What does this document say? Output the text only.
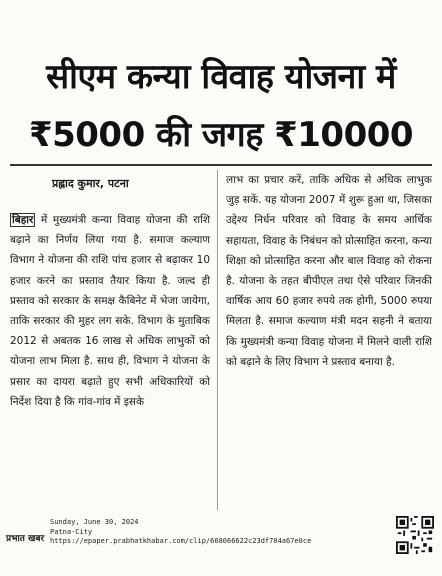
सीएम कन्या विवाह योजना में
₹5000 की जगह ₹10000
प्रह्लाद कुमार, पटना

बिहार में मुख्यमंत्री कन्या विवाह योजना की राशि बढ़ाने का निर्णय लिया गया है. समाज कल्याण विभाग ने योजना की राशि पांच हजार से बढ़ाकर 10 हजार करने का प्रस्ताव तैयार किया है. जल्द ही प्रस्ताव को सरकार के समक्ष कैबिनेट में भेजा जायेगा, ताकि सरकार की मुहर लग सके. विभाग के मुताबिक 2012 से अबतक 16 लाख से अधिक लाभुकों को योजना लाभ मिला है. साथ ही, विभाग ने योजना के प्रसार का दायरा बढ़ाते हुए सभी अधिकारियों को निर्देश दिया है कि गांव-गांव में इसके

लाभ का प्रचार करें, ताकि अधिक से अधिक लाभुक जुड़ सकें. यह योजना 2007 में शुरू हुआ था, जिसका उद्देश्य निर्धन परिवार को विवाह के समय आर्थिक सहायता, विवाह के निबंधन को प्रोत्साहित करना, कन्या शिक्षा को प्रोत्साहित करना और बाल विवाह को रोकना है. योजना के तहत बीपीएल तथा ऐसे परिवार जिनकी वार्षिक आय 60 हजार रुपये तक होगी, 5000 रुपया मिलता है. समाज कल्याण मंत्री मदन सहनी ने बताया कि मुख्यमंत्री कन्या विवाह योजना में मिलने वाली राशि को बढ़ाने के लिए विभाग ने प्रस्ताव बनाया है.

प्रभात खबर
Sunday, June 30, 2024
Patna-City
https://epaper.prabhatkhabar.com/clip/668066622c23df704a67e0ce
